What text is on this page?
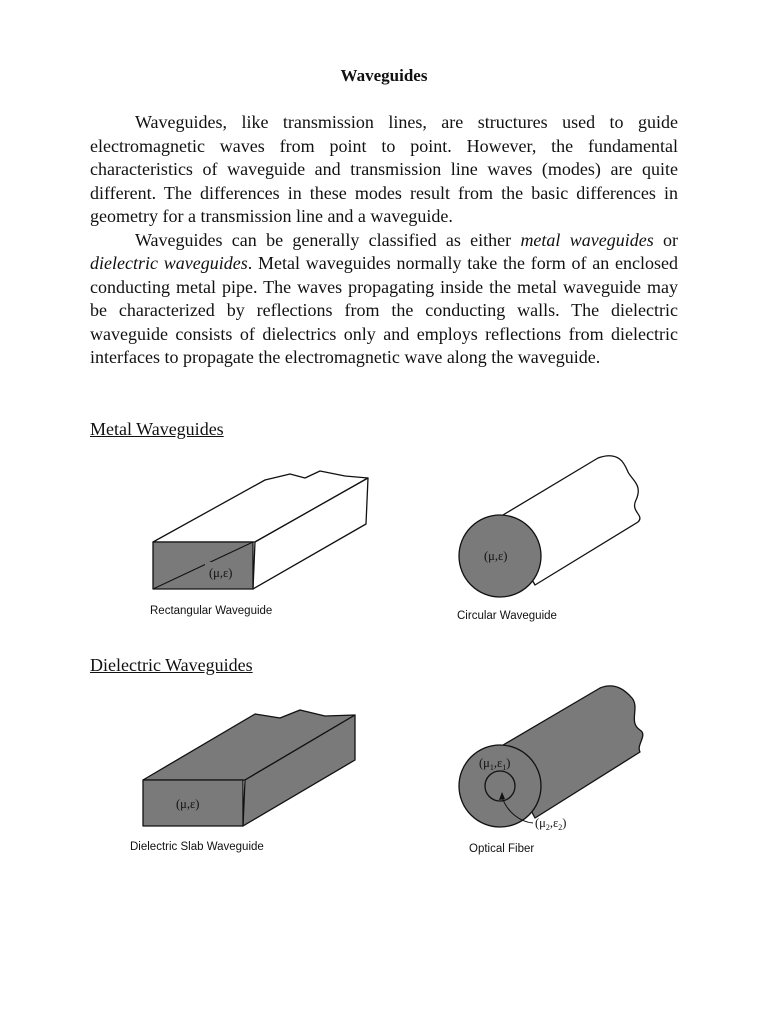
Waveguides

Waveguides, like transmission lines, are structures used to guide electromagnetic waves from point to point. However, the fundamental characteristics of waveguide and transmission line waves (modes) are quite different. The differences in these modes result from the basic differences in geometry for a transmission line and a waveguide.

Waveguides can be generally classified as either metal waveguides or dielectric waveguides. Metal waveguides normally take the form of an enclosed conducting metal pipe. The waves propagating inside the metal waveguide may be characterized by reflections from the conducting walls. The dielectric waveguide consists of dielectrics only and employs reflections from dielectric interfaces to propagate the electromagnetic wave along the waveguide.

Metal Waveguides
Dielectric Waveguides
(μ,ε)
Rectangular Waveguide
(μ,ε)
Circular Waveguide
(μ,ε)
Dielectric Slab Waveguide
$(\mu_1,\varepsilon_1)$
$(\mu_2,\varepsilon_2)$
Optical Fiber
